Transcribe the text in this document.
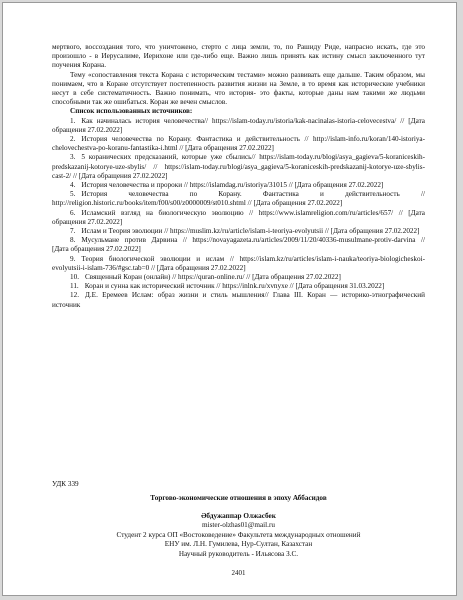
мертвого, воссоздания того, что уничтожено, стерто с лица земли, то, по Рашиду Риде, напрасно искать, где это произошло - в Иерусалиме, Иерихоне или где-либо еще. Важно лишь принять как истину смысл заключенного тут поучения Корана.

Тему «сопоставления текста Корана с историческим тестами» можно развивать еще дальше. Таким образом, мы понимаем, что в Коране отсутствует постепенность развития жизни на Земле, в то время как исторические учебники несут в себе систематичность. Важно понимать, что история- это факты, которые даны нам такими же людьми способными так же ошибаться. Коран же вечен смыслов.

Список использованных источников:

1. Как начиналась история человечества// https://islam-today.ru/istoria/kak-nacinalas-istoria-celovecestva/ // [Дата обращения 27.02.2022]

2. История человечества по Корану. Фантастика и действительность // http://islam-info.ru/koran/140-istoriya-chelovechestva-po-koranu-fantastika-i.html // [Дата обращения 27.02.2022]

3. 5 коранических предсказаний, которые уже сбылись// https://islam-today.ru/blogi/asya_gagieva/5-koraniceskih-predskazanij-kotorye-uze-sbylis/ // https://islam-today.ru/blogi/asya_gagieva/5-koraniceskih-predskazanij-kotorye-uze-sbylis-cast-2/ // [Дата обращения 27.02.2022]

4. История человечества и пророки // https://islamdag.ru/istoriya/31015 // [Дата обращения 27.02.2022]

5. История человечества по Корану. Фантастика и действительность // http://religion.historic.ru/books/item/f00/s00/z0000009/st010.shtml // [Дата обращения 27.02.2022]

6. Исламский взгляд на биологическую эволюцию // https://www.islamreligion.com/ru/articles/657/ // [Дата обращения 27.02.2022]

7. Ислам и Теория эволюции // https://muslim.kz/ru/article/islam-i-teoriya-evolyutsii // [Дата обращения 27.02.2022]

8. Мусульмане против Дарвина // https://novayagazeta.ru/articles/2009/11/20/40336-musulmane-protiv-darvina // [Дата обращения 27.02.2022]

9. Теория биологической эволюции и ислам // https://islam.kz/ru/articles/islam-i-nauka/teoriya-biologicheskoi-evolyutsii-i-islam-736/#gsc.tab=0 // [Дата обращения 27.02.2022]

10. Священный Коран (онлайн) // https://quran-online.ru/ // [Дата обращения 27.02.2022]

11. Коран и сунна как исторический источник // https://inlnk.ru/xvnyxe // [Дата обращения 31.03.2022]

12. Д.Е. Еремеев Ислам: образ жизни и стиль мышления// Глава III. Коран — историко-этнографический источник

УДК 339
Торгово-экономические отношения в эпоху Аббасидов
Әбдужаппар Олжасбек
mister-olzhas01@mail.ru
Студент 2 курса ОП «Востоковедение» Факультета международных отношений
ЕНУ им. Л.Н. Гумилева, Нур-Султан, Казахстан
Научный руководитель - Ильясова З.С.
2401
